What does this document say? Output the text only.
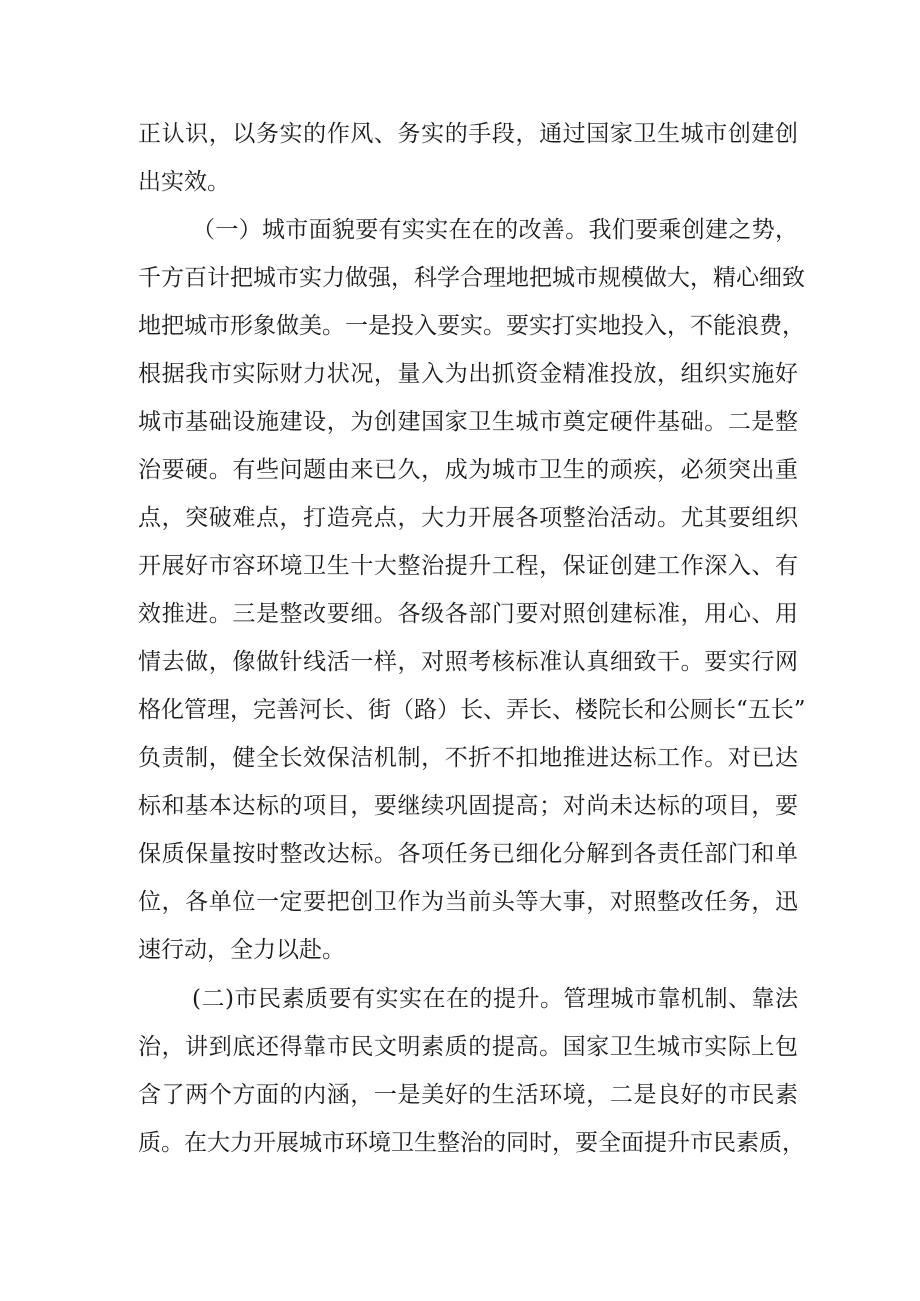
正认识，以务实的作风、务实的手段，通过国家卫生城市创建创
出实效。
（一）城市面貌要有实实在在的改善。我们要乘创建之势，
千方百计把城市实力做强，科学合理地把城市规模做大，精心细致
地把城市形象做美。一是投入要实。要实打实地投入，不能浪费，
根据我市实际财力状况，量入为出抓资金精准投放，组织实施好
城市基础设施建设，为创建国家卫生城市奠定硬件基础。二是整
治要硬。有些问题由来已久，成为城市卫生的顽疾，必须突出重
点，突破难点，打造亮点，大力开展各项整治活动。尤其要组织
开展好市容环境卫生十大整治提升工程，保证创建工作深入、有
效推进。三是整改要细。各级各部门要对照创建标准，用心、用
情去做，像做针线活一样，对照考核标准认真细致干。要实行网
格化管理，完善河长、街（路）长、弄长、楼院长和公厕长“五长”
负责制，健全长效保洁机制，不折不扣地推进达标工作。对已达
标和基本达标的项目，要继续巩固提高；对尚未达标的项目，要
保质保量按时整改达标。各项任务已细化分解到各责任部门和单
位，各单位一定要把创卫作为当前头等大事，对照整改任务，迅
速行动，全力以赴。
(二)市民素质要有实实在在的提升。管理城市靠机制、靠法
治，讲到底还得靠市民文明素质的提高。国家卫生城市实际上包
含了两个方面的内涵，一是美好的生活环境，二是良好的市民素
质。在大力开展城市环境卫生整治的同时，要全面提升市民素质，
